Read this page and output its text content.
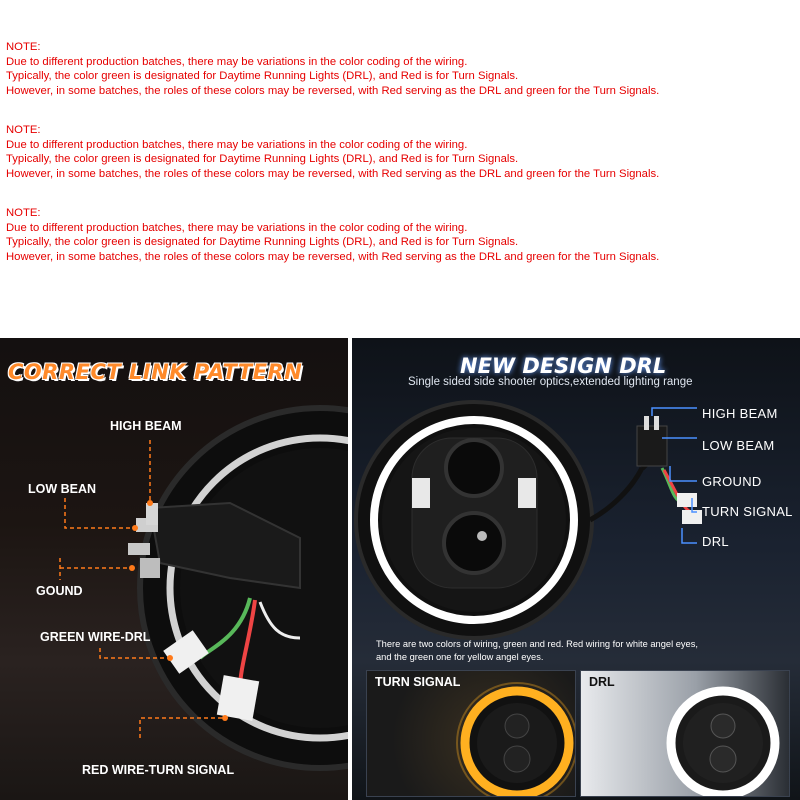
NOTE:
Due to different production batches, there may be variations in the color coding of the wiring.
Typically, the color green is designated for Daytime Running Lights (DRL), and Red is for Turn Signals.
However, in some batches, the roles of these colors may be reversed, with Red serving as the DRL and green for the Turn Signals.
NOTE:
Due to different production batches, there may be variations in the color coding of the wiring.
Typically, the color green is designated for Daytime Running Lights (DRL), and Red is for Turn Signals.
However, in some batches, the roles of these colors may be reversed, with Red serving as the DRL and green for the Turn Signals.
NOTE:
Due to different production batches, there may be variations in the color coding of the wiring.
Typically, the color green is designated for Daytime Running Lights (DRL), and Red is for Turn Signals.
However, in some batches, the roles of these colors may be reversed, with Red serving as the DRL and green for the Turn Signals.
CORRECT LINK PATTERN
HIGH BEAM
LOW BEAN
GOUND
GREEN WIRE-DRL
RED WIRE-TURN SIGNAL
NEW DESIGN DRL
Single sided side shooter optics,extended lighting range
HIGH BEAM
LOW BEAM
GROUND
TURN SIGNAL
DRL
There are two colors of wiring, green and red. Red wiring for white angel eyes,
and the green one for yellow angel eyes.
TURN SIGNAL	DRL
